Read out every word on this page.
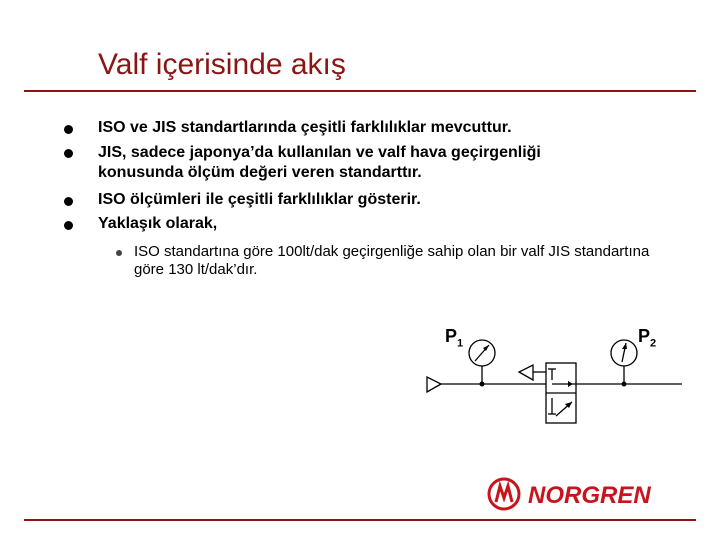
Valf içerisinde akış
ISO ve JIS standartlarında çeşitli farklılıklar mevcuttur.
JIS, sadece japonya’da kullanılan ve valf hava geçirgenliği konusunda ölçüm değeri veren standarttır.
ISO ölçümleri ile çeşitli farklılıklar gösterir.
Yaklaşık olarak,
ISO standartına göre 100lt/dak geçirgenliğe sahip olan bir valf JIS standartına göre 130 lt/dak’dır.
$P_1$	$P_2$
NORGREN
